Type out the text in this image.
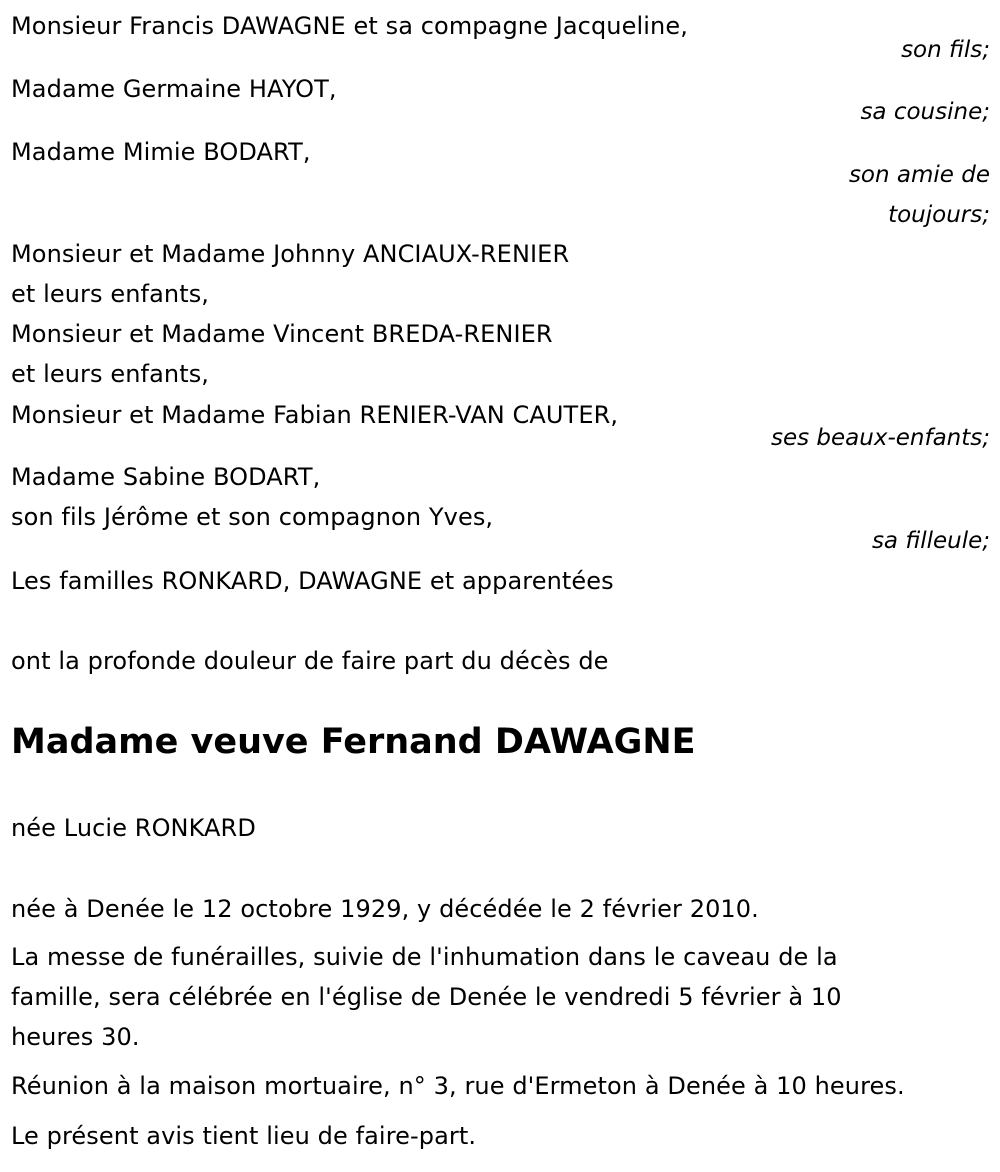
Monsieur Francis DAWAGNE et sa compagne Jacqueline,
son fils;
Madame Germaine HAYOT,
sa cousine;
Madame Mimie BODART,
son amie de
toujours;
Monsieur et Madame Johnny ANCIAUX-RENIER
et leurs enfants,
Monsieur et Madame Vincent BREDA-RENIER
et leurs enfants,
Monsieur et Madame Fabian RENIER-VAN CAUTER,
ses beaux-enfants;
Madame Sabine BODART,
son fils Jérôme et son compagnon Yves,
sa filleule;
Les familles RONKARD, DAWAGNE et apparentées
ont la profonde douleur de faire part du décès de
Madame veuve Fernand DAWAGNE
née Lucie RONKARD
née à Denée le 12 octobre 1929, y décédée le 2 février 2010.
La messe de funérailles, suivie de l'inhumation dans le caveau de la
famille, sera célébrée en l'église de Denée le vendredi 5 février à 10
heures 30.
Réunion à la maison mortuaire, n° 3, rue d'Ermeton à Denée à 10 heures.
Le présent avis tient lieu de faire-part.
